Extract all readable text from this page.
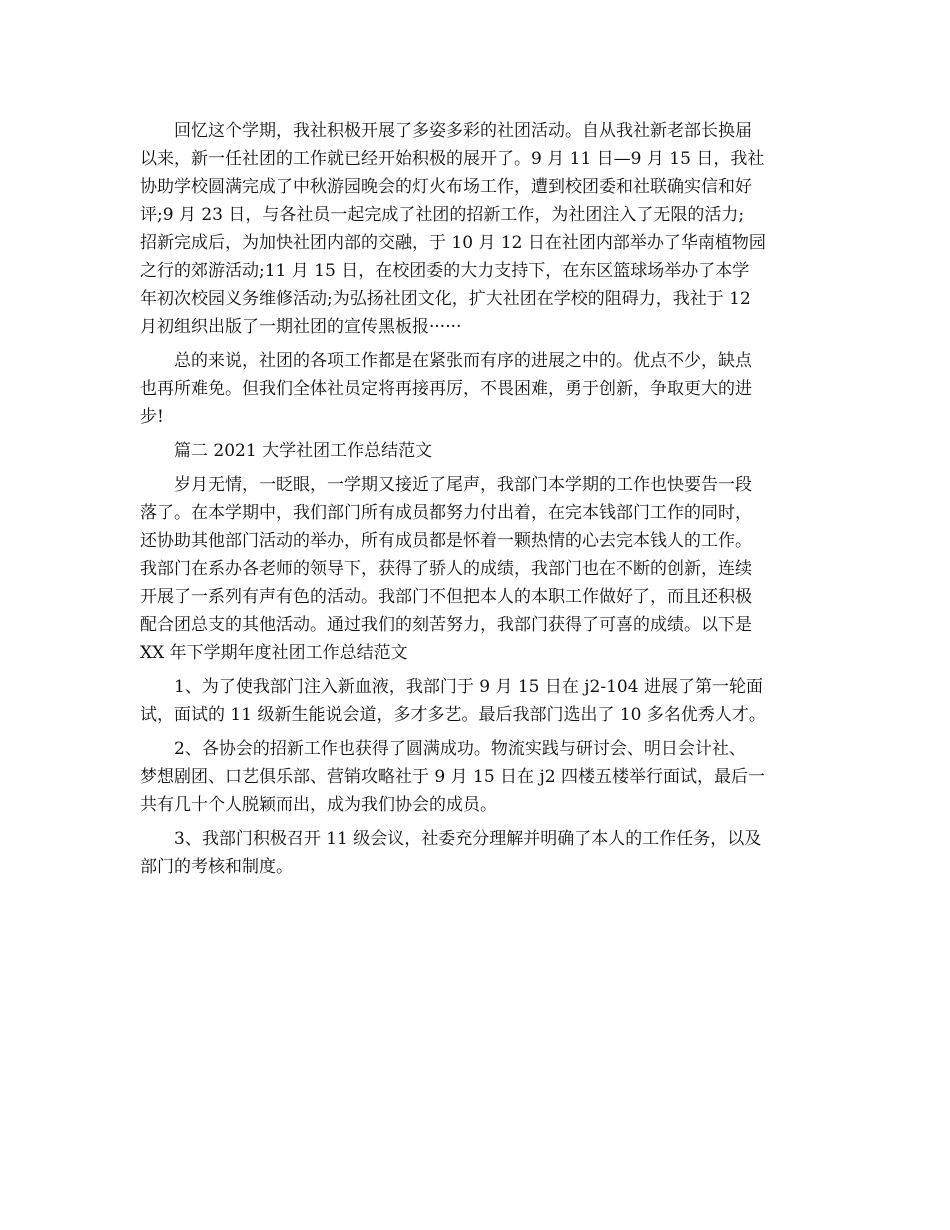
回忆这个学期，我社积极开展了多姿多彩的社团活动。自从我社新老部长换届
以来，新一任社团的工作就已经开始积极的展开了。9 月 11 日—9 月 15 日，我社
协助学校圆满完成了中秋游园晚会的灯火布场工作，遭到校团委和社联确实信和好
评;9 月 23 日，与各社员一起完成了社团的招新工作，为社团注入了无限的活力;
招新完成后，为加快社团内部的交融，于 10 月 12 日在社团内部举办了华南植物园
之行的郊游活动;11 月 15 日，在校团委的大力支持下，在东区篮球场举办了本学
年初次校园义务维修活动;为弘扬社团文化，扩大社团在学校的阻碍力，我社于 12
月初组织出版了一期社团的宣传黑板报······
总的来说，社团的各项工作都是在紧张而有序的进展之中的。优点不少，缺点
也再所难免。但我们全体社员定将再接再厉，不畏困难，勇于创新，争取更大的进
步!
篇二 2021 大学社团工作总结范文
岁月无情，一眨眼，一学期又接近了尾声，我部门本学期的工作也快要告一段
落了。在本学期中，我们部门所有成员都努力付出着，在完本钱部门工作的同时，
还协助其他部门活动的举办，所有成员都是怀着一颗热情的心去完本钱人的工作。
我部门在系办各老师的领导下，获得了骄人的成绩，我部门也在不断的创新，连续
开展了一系列有声有色的活动。我部门不但把本人的本职工作做好了，而且还积极
配合团总支的其他活动。通过我们的刻苦努力，我部门获得了可喜的成绩。以下是
XX 年下学期年度社团工作总结范文
1、为了使我部门注入新血液，我部门于 9 月 15 日在 j2-104 进展了第一轮面
试，面试的 11 级新生能说会道，多才多艺。最后我部门选出了 10 多名优秀人才。
2、各协会的招新工作也获得了圆满成功。物流实践与研讨会、明日会计社、
梦想剧团、口艺俱乐部、营销攻略社于 9 月 15 日在 j2 四楼五楼举行面试，最后一
共有几十个人脱颖而出，成为我们协会的成员。
3、我部门积极召开 11 级会议，社委充分理解并明确了本人的工作任务，以及
部门的考核和制度。
